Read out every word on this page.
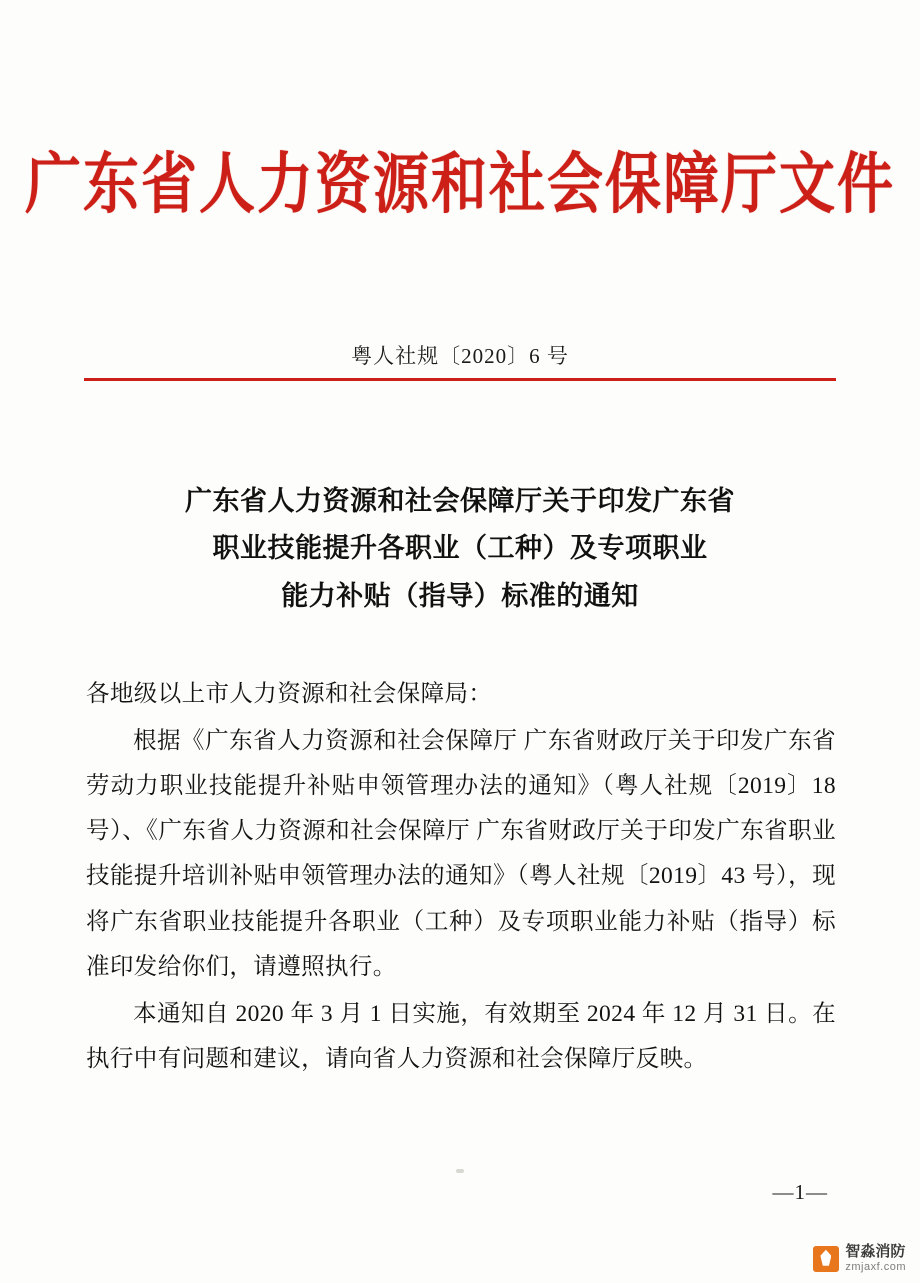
广东省人力资源和社会保障厅文件
粤人社规〔2020〕6 号
广东省人力资源和社会保障厅关于印发广东省
职业技能提升各职业（工种）及专项职业
能力补贴（指导）标准的通知

各地级以上市人力资源和社会保障局：

根据《广东省人力资源和社会保障厅 广东省财政厅关于印发广东省劳动力职业技能提升补贴申领管理办法的通知》（粤人社规〔2019〕18 号）、《广东省人力资源和社会保障厅 广东省财政厅关于印发广东省职业技能提升培训补贴申领管理办法的通知》（粤人社规〔2019〕43 号），现将广东省职业技能提升各职业（工种）及专项职业能力补贴（指导）标准印发给你们，请遵照执行。

本通知自 2020 年 3 月 1 日实施，有效期至 2024 年 12 月 31 日。在执行中有问题和建议，请向省人力资源和社会保障厅反映。

—1—
智淼消防
zmjaxf.com
